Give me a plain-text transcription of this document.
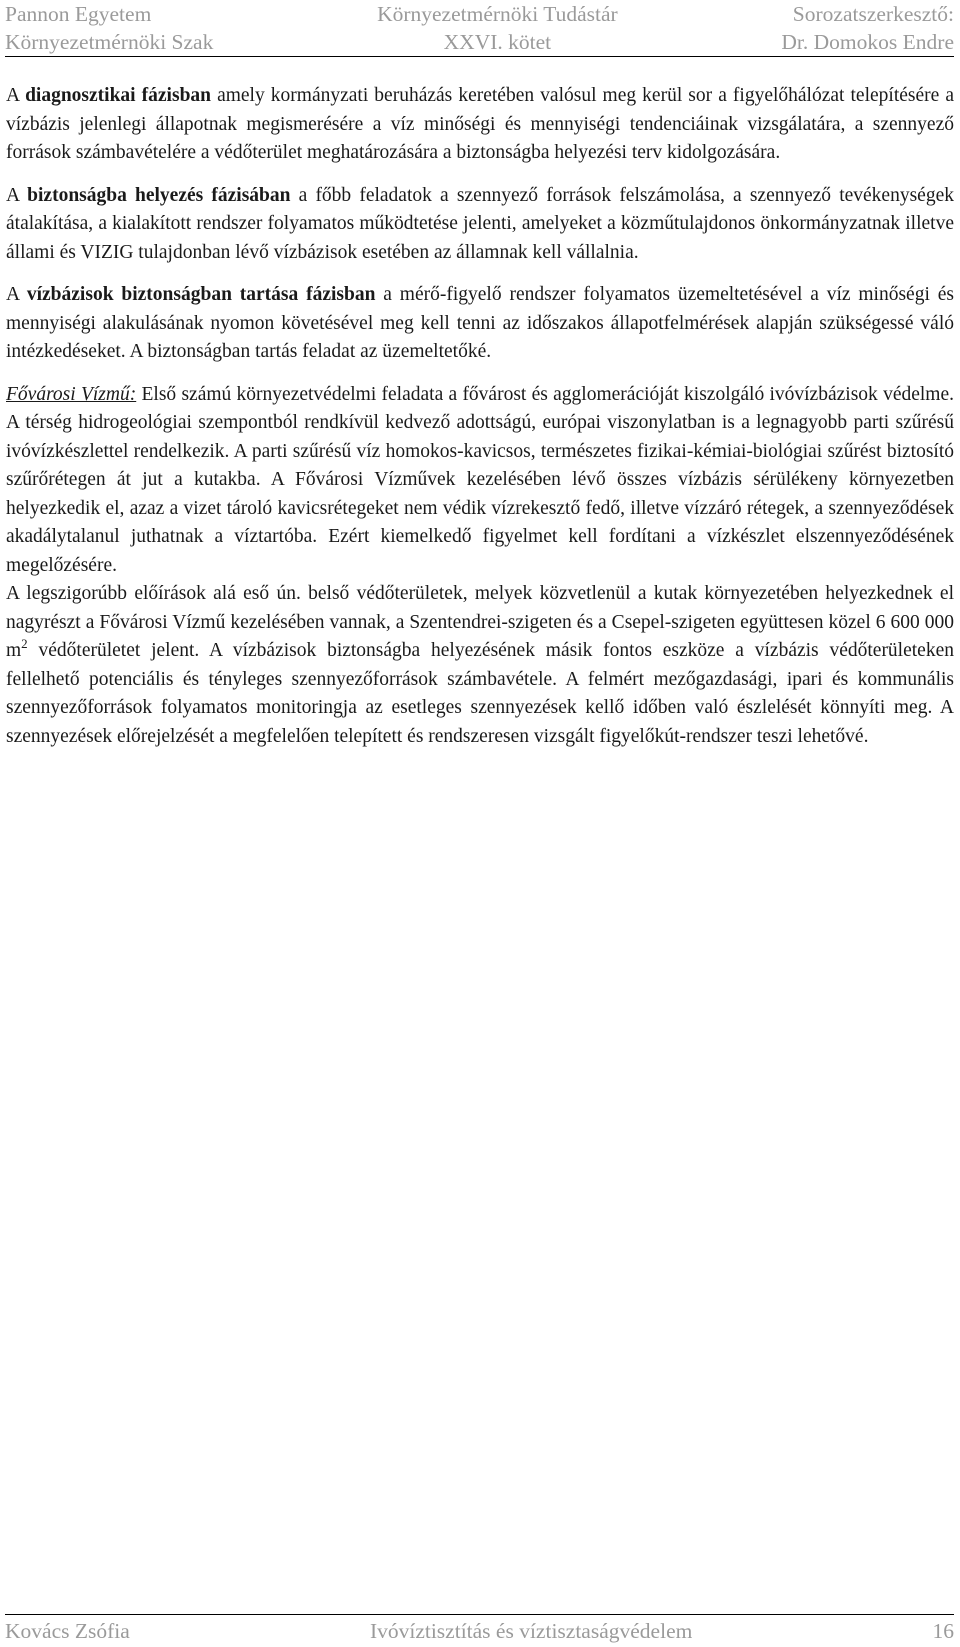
Pannon Egyetem
Környezetmérnöki Szak
Környezetmérnöki Tudástár
XXVI. kötet
Sorozatszerkesztő:
Dr. Domokos Endre

A diagnosztikai fázisban amely kormányzati beruházás keretében valósul meg kerül sor a figyelőhálózat telepítésére a vízbázis jelenlegi állapotnak megismerésére a víz minőségi és mennyiségi tendenciáinak vizsgálatára, a szennyező források számbavételére a védőterület meghatározására a biztonságba helyezési terv kidolgozására.

A biztonságba helyezés fázisában a főbb feladatok a szennyező források felszámolása, a szennyező tevékenységek átalakítása, a kialakított rendszer folyamatos működtetése jelenti, amelyeket a közműtulajdonos önkormányzatnak illetve állami és VIZIG tulajdonban lévő vízbázisok esetében az államnak kell vállalnia.

A vízbázisok biztonságban tartása fázisban a mérő-figyelő rendszer folyamatos üzemeltetésével a víz minőségi és mennyiségi alakulásának nyomon követésével meg kell tenni az időszakos állapotfelmérések alapján szükségessé váló intézkedéseket. A biztonságban tartás feladat az üzemeltetőké.

Fővárosi Vízmű: Első számú környezetvédelmi feladata a fővárost és agglomerációját kiszolgáló ivóvízbázisok védelme. A térség hidrogeológiai szempontból rendkívül kedvező adottságú, európai viszonylatban is a legnagyobb parti szűrésű ivóvízkészlettel rendelkezik. A parti szűrésű víz homokos-kavicsos, természetes fizikai-kémiai-biológiai szűrést biztosító szűrőrétegen át jut a kutakba. A Fővárosi Vízművek kezelésében lévő összes vízbázis sérülékeny környezetben helyezkedik el, azaz a vizet tároló kavicsrétegeket nem védik vízrekesztő fedő, illetve vízzáró rétegek, a szennyeződések akadálytalanul juthatnak a víztartóba. Ezért kiemelkedő figyelmet kell fordítani a vízkészlet elszennyeződésének megelőzésére.

A legszigorúbb előírások alá eső ún. belső védőterületek, melyek közvetlenül a kutak környezetében helyezkednek el nagyrészt a Fővárosi Vízmű kezelésében vannak, a Szentendrei-szigeten és a Csepel-szigeten együttesen közel 6 600 000 $m^2$ védőterületet jelent. A vízbázisok biztonságba helyezésének másik fontos eszköze a vízbázis védőterületeken fellelhető potenciális és tényleges szennyezőforrások számbavétele. A felmért mezőgazdasági, ipari és kommunális szennyezőforrások folyamatos monitoringja az esetleges szennyezések kellő időben való észlelését könnyíti meg. A szennyezések előrejelzését a megfelelően telepített és rendszeresen vizsgált figyelőkút-rendszer teszi lehetővé.

Kovács Zsófia	Ivóvíztisztítás és víztisztaságvédelem	16
